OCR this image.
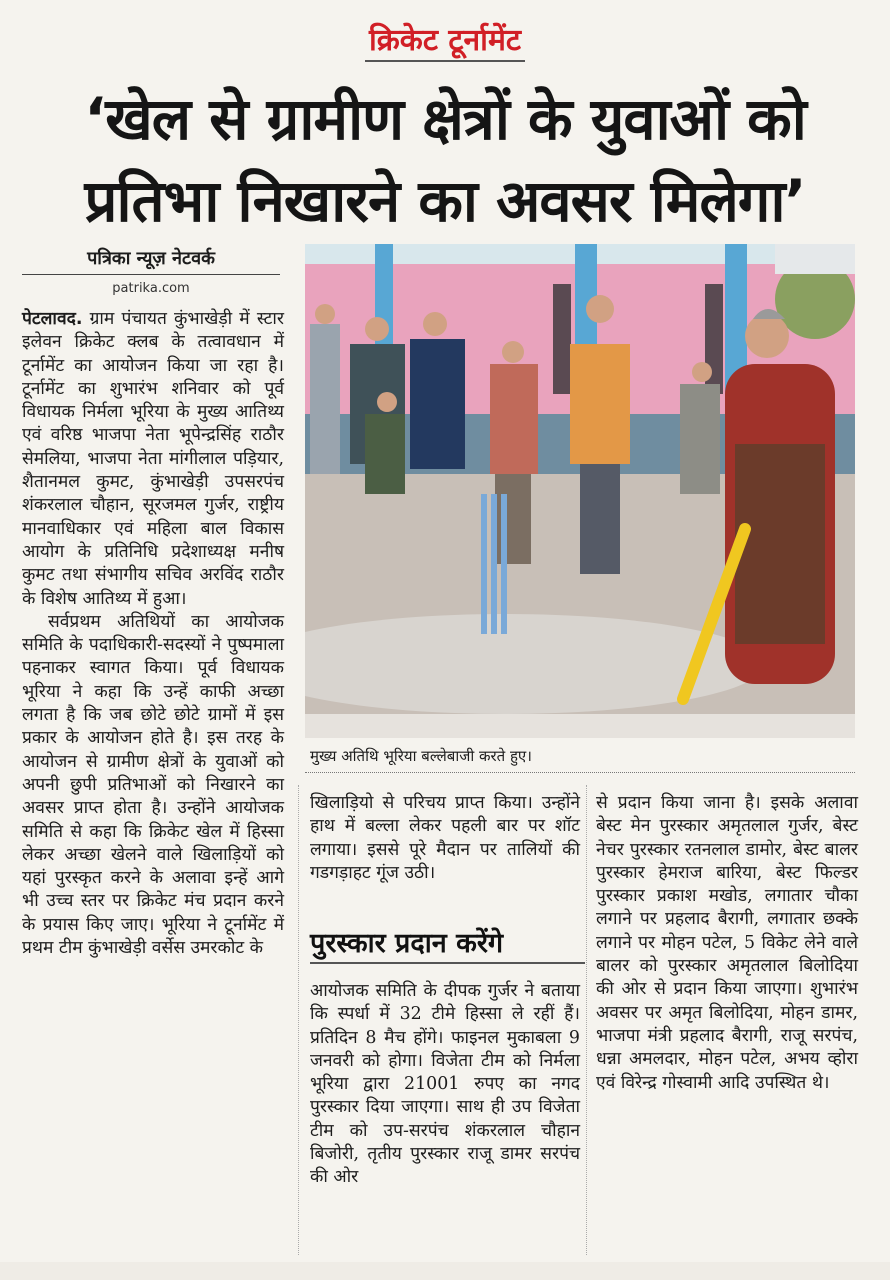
क्रिकेट टूर्नामेंट
‘खेल से ग्रामीण क्षेत्रों के युवाओं को प्रतिभा निखारने का अवसर मिलेगा’
पत्रिका न्यूज़ नेटवर्क
patrika.com

पेटलावद. ग्राम पंचायत कुंभाखेड़ी में स्टार इलेवन क्रिकेट क्लब के तत्वावधान में टूर्नामेंट का आयोजन किया जा रहा है। टूर्नामेंट का शुभारंभ शनिवार को पूर्व विधायक निर्मला भूरिया के मुख्य आतिथ्य एवं वरिष्ठ भाजपा नेता भूपेन्द्रसिंह राठौर सेमलिया, भाजपा नेता मांगीलाल पड़ियार, शैतानमल कुमट, कुंभाखेड़ी उपसरपंच शंकरलाल चौहान, सूरजमल गुर्जर, राष्ट्रीय मानवाधिकार एवं महिला बाल विकास आयोग के प्रतिनिधि प्रदेशाध्यक्ष मनीष कुमट तथा संभागीय सचिव अरविंद राठौर के विशेष आतिथ्य में हुआ।

सर्वप्रथम अतिथियों का आयोजक समिति के पदाधिकारी-सदस्यों ने पुष्पमाला पहनाकर स्वागत किया। पूर्व विधायक भूरिया ने कहा कि उन्हें काफी अच्छा लगता है कि जब छोटे छोटे ग्रामों में इस प्रकार के आयोजन होते है। इस तरह के आयोजन से ग्रामीण क्षेत्रों के युवाओं को अपनी छुपी प्रतिभाओं को निखारने का अवसर प्राप्त होता है। उन्होंने आयोजक समिति से कहा कि क्रिकेट खेल में हिस्सा लेकर अच्छा खेलने वाले खिलाड़ियों को यहां पुरस्कृत करने के अलावा इन्हें आगे भी उच्च स्तर पर क्रिकेट मंच प्रदान करने के प्रयास किए जाए। भूरिया ने टूर्नामेंट में प्रथम टीम कुंभाखेड़ी वर्सेस उमरकोट के

मुख्य अतिथि भूरिया बल्लेबाजी करते हुए।

खिलाड़ियो से परिचय प्राप्त किया। उन्होंने हाथ में बल्ला लेकर पहली बार पर शॉट लगाया। इससे पूरे मैदान पर तालियों की गडगड़ाहट गूंज उठी।

पुरस्कार प्रदान करेंगे

आयोजक समिति के दीपक गुर्जर ने बताया कि स्पर्धा में 32 टीमे हिस्सा ले रहीं हैं। प्रतिदिन 8 मैच होंगे। फाइनल मुकाबला 9 जनवरी को होगा। विजेता टीम को निर्मला भूरिया द्वारा 21001 रुपए का नगद पुरस्कार दिया जाएगा। साथ ही उप विजेता टीम को उप-सरपंच शंकरलाल चौहान बिजोरी, तृतीय पुरस्कार राजू डामर सरपंच की ओर

से प्रदान किया जाना है। इसके अलावा बेस्ट मेन पुरस्कार अमृतलाल गुर्जर, बेस्ट नेचर पुरस्कार रतनलाल डामोर, बेस्ट बालर पुरस्कार हेमराज बारिया, बेस्ट फिल्डर पुरस्कार प्रकाश मखोड, लगातार चौका लगाने पर प्रहलाद बैरागी, लगातार छक्के लगाने पर मोहन पटेल, 5 विकेट लेने वाले बालर को पुरस्कार अमृतलाल बिलोदिया की ओर से प्रदान किया जाएगा। शुभारंभ अवसर पर अमृत बिलोदिया, मोहन डामर, भाजपा मंत्री प्रहलाद बैरागी, राजू सरपंच, धन्ना अमलदार, मोहन पटेल, अभय व्होरा एवं विरेन्द्र गोस्वामी आदि उपस्थित थे।
